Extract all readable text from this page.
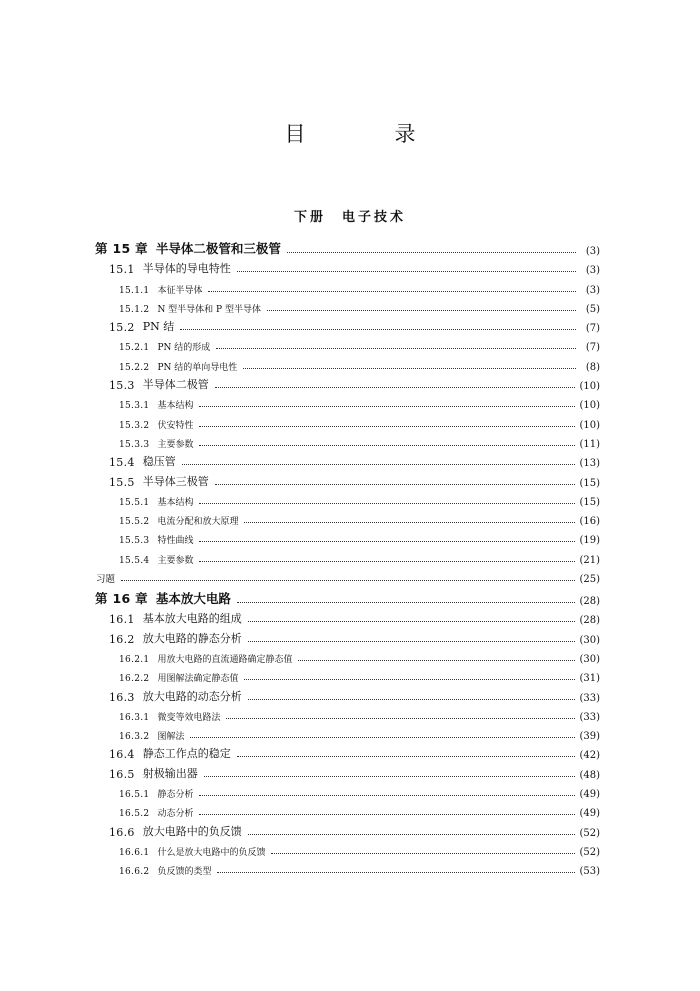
目　录
下册　电子技术
第 15 章 半导体二极管和三极管	(3)
15.1 半导体的导电特性	(3)
15.1.1 本征半导体	(3)
15.1.2 N 型半导体和 P 型半导体	(5)
15.2 PN 结	(7)
15.2.1 PN 结的形成	(7)
15.2.2 PN 结的单向导电性	(8)
15.3 半导体二极管	(10)
15.3.1 基本结构	(10)
15.3.2 伏安特性	(10)
15.3.3 主要参数	(11)
15.4 稳压管	(13)
15.5 半导体三极管	(15)
15.5.1 基本结构	(15)
15.5.2 电流分配和放大原理	(16)
15.5.3 特性曲线	(19)
15.5.4 主要参数	(21)
习题	(25)
第 16 章 基本放大电路	(28)
16.1 基本放大电路的组成	(28)
16.2 放大电路的静态分析	(30)
16.2.1 用放大电路的直流通路确定静态值	(30)
16.2.2 用图解法确定静态值	(31)
16.3 放大电路的动态分析	(33)
16.3.1 微变等效电路法	(33)
16.3.2 图解法	(39)
16.4 静态工作点的稳定	(42)
16.5 射极输出器	(48)
16.5.1 静态分析	(49)
16.5.2 动态分析	(49)
16.6 放大电路中的负反馈	(52)
16.6.1 什么是放大电路中的负反馈	(52)
16.6.2 负反馈的类型	(53)
